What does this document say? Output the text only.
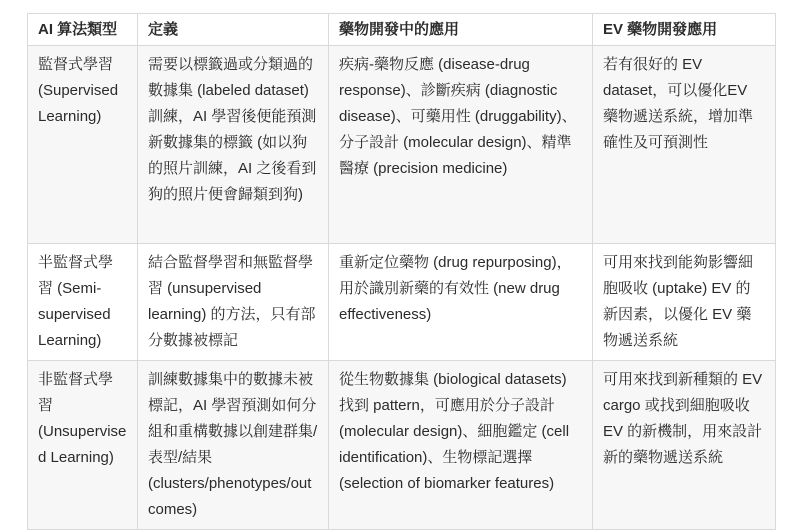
AI 算法類型	定義	藥物開發中的應用	EV 藥物開發應用
監督式學習 (Supervised Learning)	需要以標籤過或分類過的數據集 (labeled dataset) 訓練，AI 學習後便能預測新數據集的標籤 (如以狗的照片訓練，AI 之後看到狗的照片便會歸類到狗)	疾病-藥物反應 (disease-drug response)、診斷疾病 (diagnostic disease)、可藥用性 (druggability)、分子設計 (molecular design)、精準醫療 (precision medicine)	若有很好的 EV dataset，可以優化EV 藥物遞送系統，增加準確性及可預測性
半監督式學習 (Semi-supervised Learning)	結合監督學習和無監督學習 (unsupervised learning) 的方法，只有部分數據被標記	重新定位藥物 (drug repurposing)，用於識別新藥的有效性 (new drug effectiveness)	可用來找到能夠影響細胞吸收 (uptake) EV 的新因素，以優化 EV 藥物遞送系統
非監督式學習 (Unsupervised Learning)	訓練數據集中的數據未被標記，AI 學習預測如何分組和重構數據以創建群集/表型/結果 (clusters/phenotypes/outcomes)	從生物數據集 (biological datasets) 找到 pattern，可應用於分子設計 (molecular design)、細胞鑑定 (cell identification)、生物標記選擇 (selection of biomarker features)	可用來找到新種類的 EV cargo 或找到細胞吸收 EV 的新機制，用來設計新的藥物遞送系統
